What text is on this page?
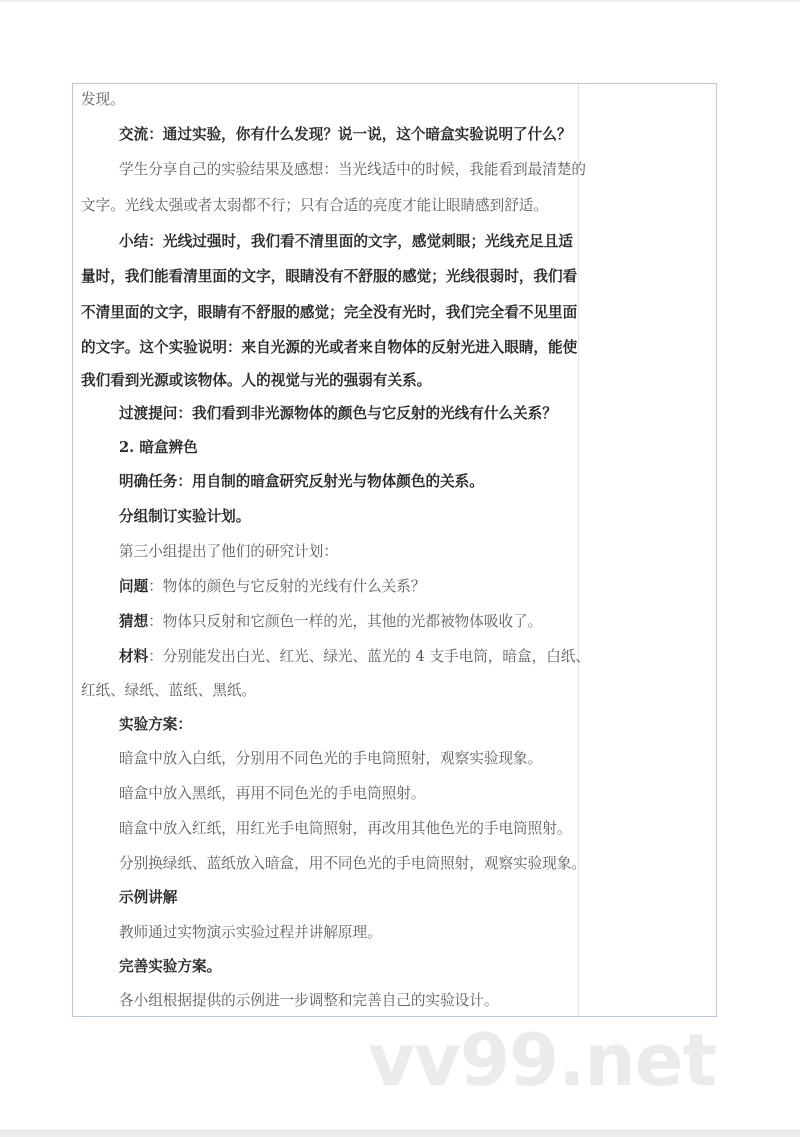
发现。
交流：通过实验，你有什么发现？说一说，这个暗盒实验说明了什么？
学生分享自己的实验结果及感想：当光线适中的时候，我能看到最清楚的
文字。光线太强或者太弱都不行；只有合适的亮度才能让眼睛感到舒适。
小结：光线过强时，我们看不清里面的文字，感觉刺眼；光线充足且适
量时，我们能看清里面的文字，眼睛没有不舒服的感觉；光线很弱时，我们看
不清里面的文字，眼睛有不舒服的感觉；完全没有光时，我们完全看不见里面
的文字。这个实验说明：来自光源的光或者来自物体的反射光进入眼睛，能使
我们看到光源或该物体。人的视觉与光的强弱有关系。
过渡提问：我们看到非光源物体的颜色与它反射的光线有什么关系？
2. 暗盒辨色
明确任务：用自制的暗盒研究反射光与物体颜色的关系。
分组制订实验计划。
第三小组提出了他们的研究计划：
问题：物体的颜色与它反射的光线有什么关系？
猜想：物体只反射和它颜色一样的光，其他的光都被物体吸收了。
材料：分别能发出白光、红光、绿光、蓝光的 4 支手电筒，暗盒，白纸、
红纸、绿纸、蓝纸、黑纸。
实验方案：
暗盒中放入白纸，分别用不同色光的手电筒照射，观察实验现象。
暗盒中放入黑纸，再用不同色光的手电筒照射。
暗盒中放入红纸，用红光手电筒照射，再改用其他色光的手电筒照射。
分别换绿纸、蓝纸放入暗盒，用不同色光的手电筒照射，观察实验现象。
示例讲解
教师通过实物演示实验过程并讲解原理。
完善实验方案。
各小组根据提供的示例进一步调整和完善自己的实验设计。
vv99.net
